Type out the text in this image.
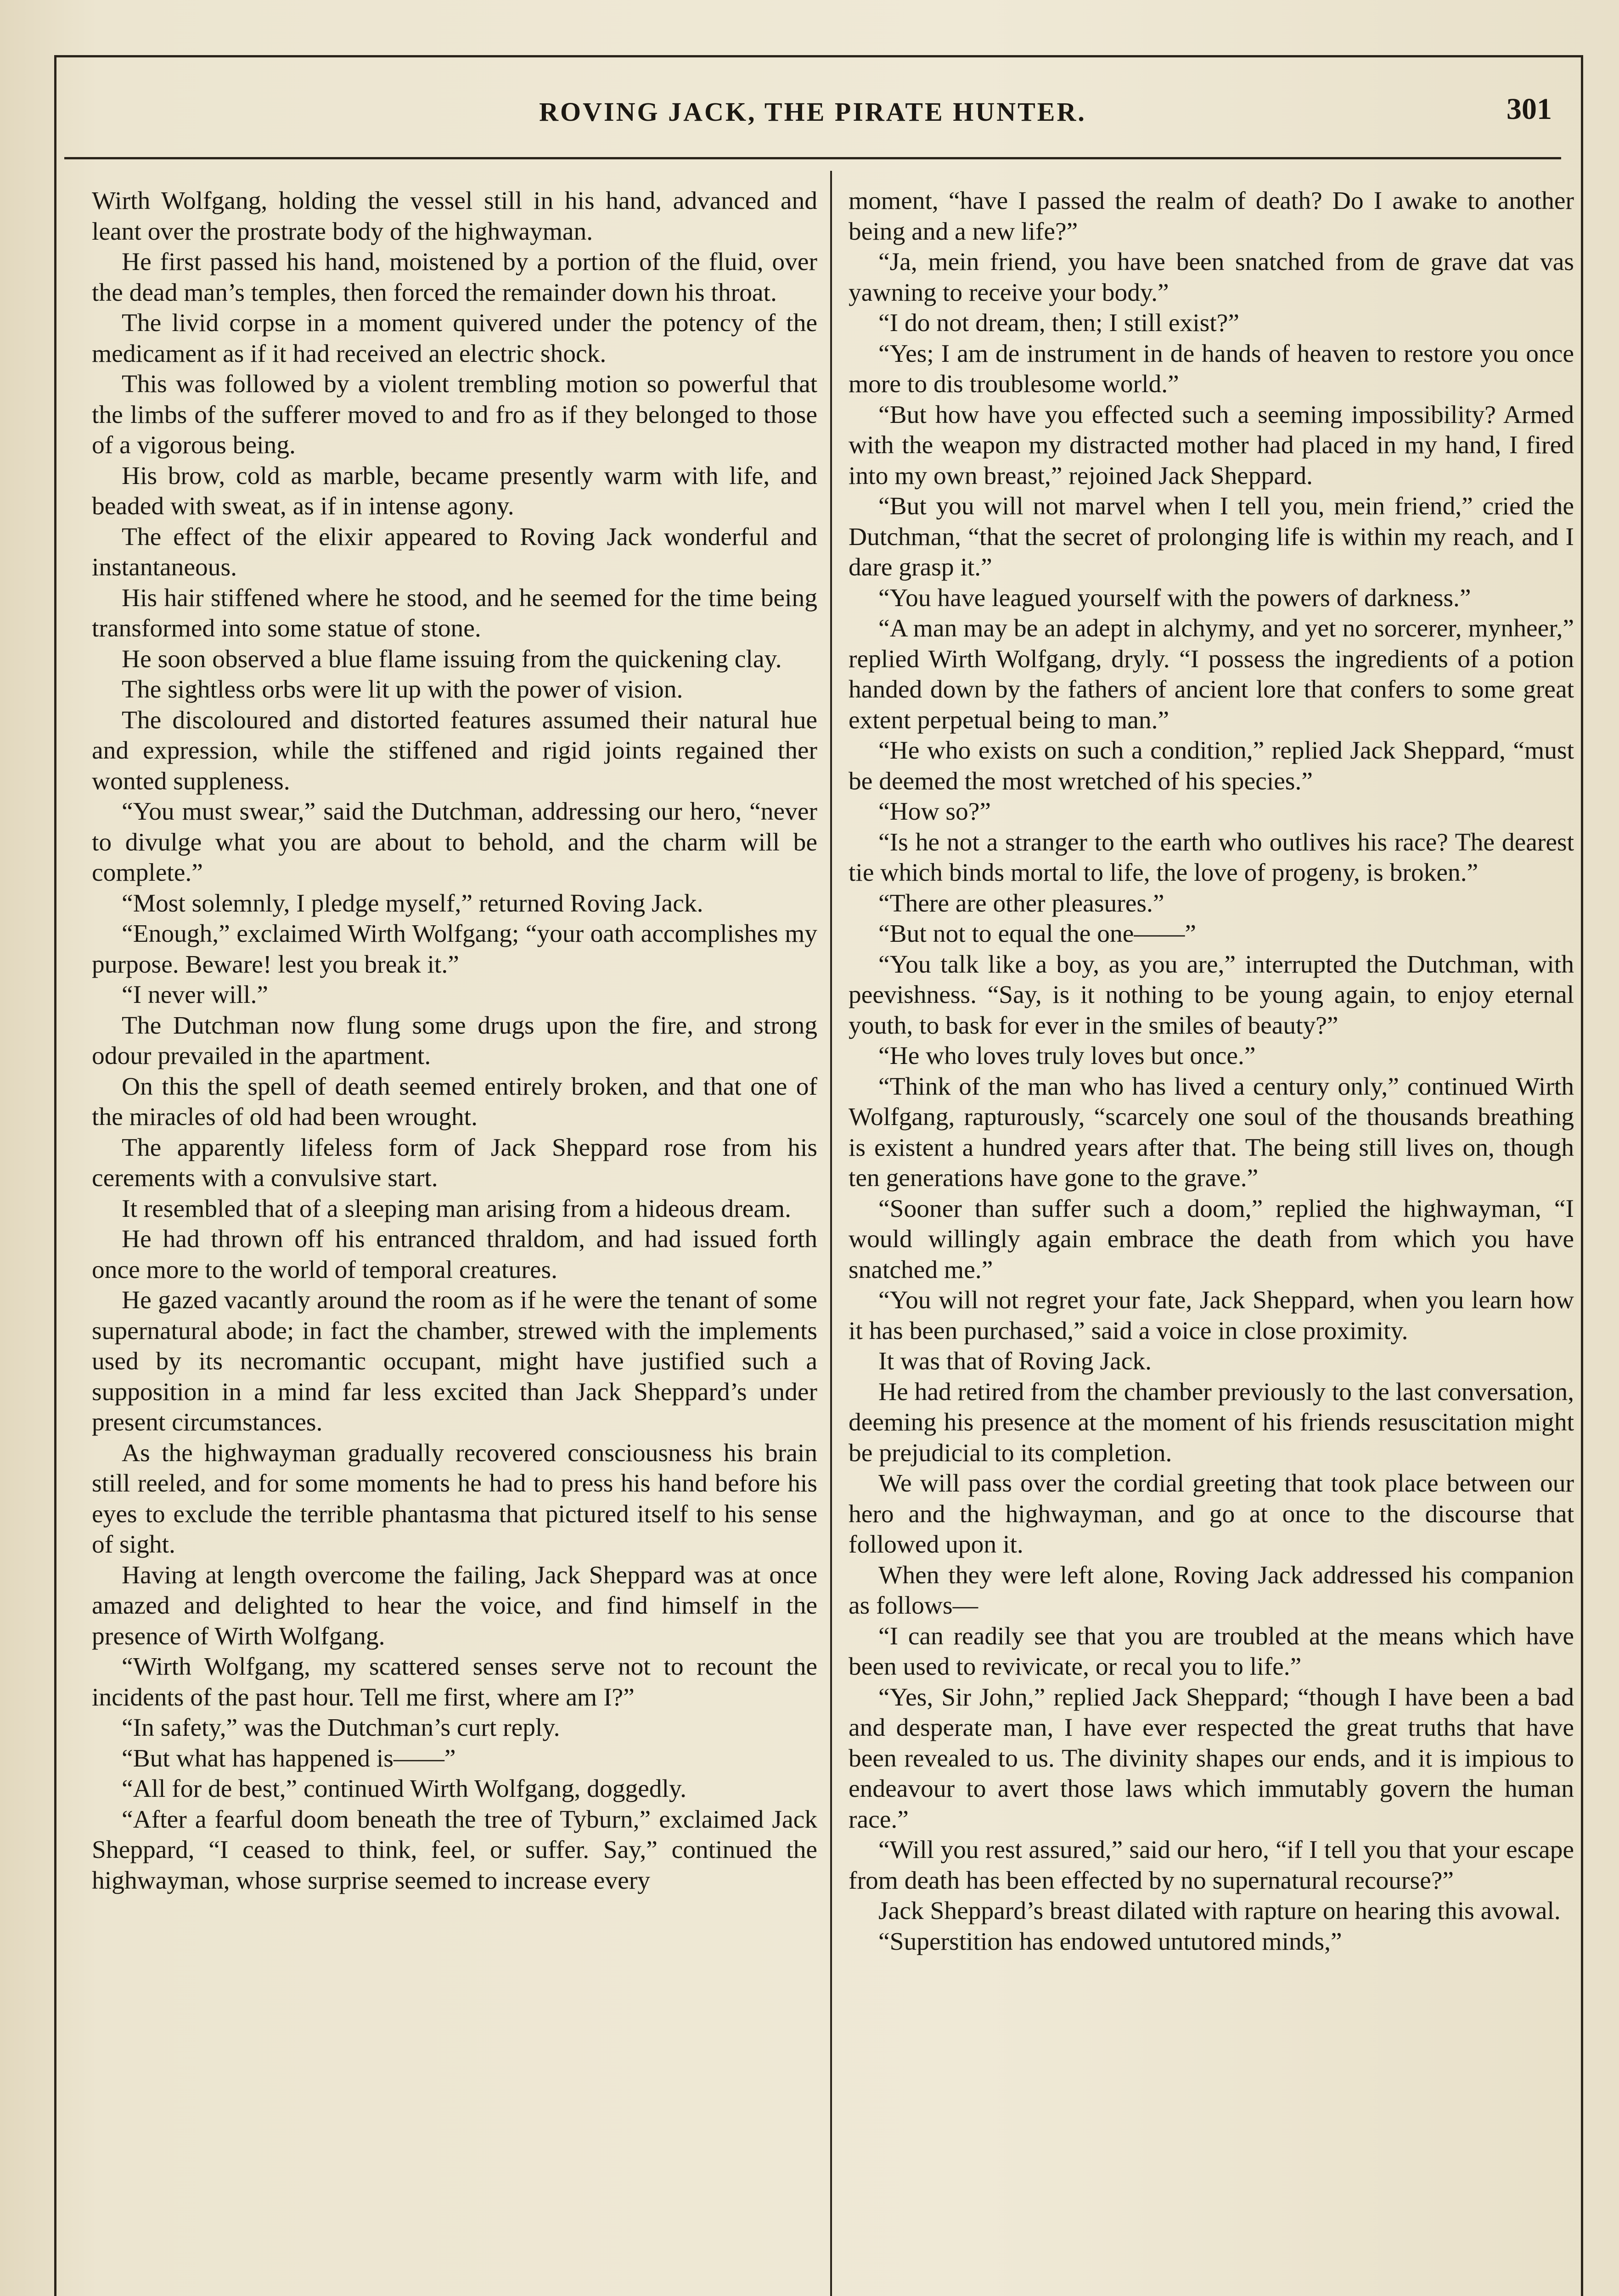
ROVING JACK, THE PIRATE HUNTER.	301

Wirth Wolfgang, holding the vessel still in his hand, advanced and leant over the prostrate body of the highwayman.

He first passed his hand, moistened by a portion of the fluid, over the dead man’s temples, then forced the remainder down his throat.

The livid corpse in a moment quivered under the potency of the medicament as if it had received an electric shock.

This was followed by a violent trembling motion so powerful that the limbs of the sufferer moved to and fro as if they belonged to those of a vigorous being.

His brow, cold as marble, became presently warm with life, and beaded with sweat, as if in intense agony.

The effect of the elixir appeared to Roving Jack wonderful and instantaneous.

His hair stiffened where he stood, and he seemed for the time being transformed into some statue of stone.

He soon observed a blue flame issuing from the quickening clay.

The sightless orbs were lit up with the power of vision.

The discoloured and distorted features assumed their natural hue and expression, while the stiffened and rigid joints regained ther wonted suppleness.

“You must swear,” said the Dutchman, addressing our hero, “never to divulge what you are about to behold, and the charm will be complete.”

“Most solemnly, I pledge myself,” returned Roving Jack.

“Enough,” exclaimed Wirth Wolfgang; “your oath accomplishes my purpose. Beware! lest you break it.”

“I never will.”

The Dutchman now flung some drugs upon the fire, and strong odour prevailed in the apartment.

On this the spell of death seemed entirely broken, and that one of the miracles of old had been wrought.

The apparently lifeless form of Jack Sheppard rose from his cerements with a convulsive start.

It resembled that of a sleeping man arising from a hideous dream.

He had thrown off his entranced thraldom, and had issued forth once more to the world of temporal creatures.

He gazed vacantly around the room as if he were the tenant of some supernatural abode; in fact the chamber, strewed with the implements used by its necromantic occupant, might have justified such a supposition in a mind far less excited than Jack Sheppard’s under present circumstances.

As the highwayman gradually recovered consciousness his brain still reeled, and for some moments he had to press his hand before his eyes to exclude the terrible phantasma that pictured itself to his sense of sight.

Having at length overcome the failing, Jack Sheppard was at once amazed and delighted to hear the voice, and find himself in the presence of Wirth Wolfgang.

“Wirth Wolfgang, my scattered senses serve not to recount the incidents of the past hour. Tell me first, where am I?”

“In safety,” was the Dutchman’s curt reply.

“But what has happened is——”

“All for de best,” continued Wirth Wolfgang, doggedly.

“After a fearful doom beneath the tree of Tyburn,” exclaimed Jack Sheppard, “I ceased to think, feel, or suffer. Say,” continued the highwayman, whose surprise seemed to increase every

moment, “have I passed the realm of death? Do I awake to another being and a new life?”

“Ja, mein friend, you have been snatched from de grave dat vas yawning to receive your body.”

“I do not dream, then; I still exist?”

“Yes; I am de instrument in de hands of heaven to restore you once more to dis troublesome world.”

“But how have you effected such a seeming impossibility? Armed with the weapon my distracted mother had placed in my hand, I fired into my own breast,” rejoined Jack Sheppard.

“But you will not marvel when I tell you, mein friend,” cried the Dutchman, “that the secret of prolonging life is within my reach, and I dare grasp it.”

“You have leagued yourself with the powers of darkness.”

“A man may be an adept in alchymy, and yet no sorcerer, mynheer,” replied Wirth Wolfgang, dryly. “I possess the ingredients of a potion handed down by the fathers of ancient lore that confers to some great extent perpetual being to man.”

“He who exists on such a condition,” replied Jack Sheppard, “must be deemed the most wretched of his species.”

“How so?”

“Is he not a stranger to the earth who outlives his race? The dearest tie which binds mortal to life, the love of progeny, is broken.”

“There are other pleasures.”

“But not to equal the one——”

“You talk like a boy, as you are,” interrupted the Dutchman, with peevishness. “Say, is it nothing to be young again, to enjoy eternal youth, to bask for ever in the smiles of beauty?”

“He who loves truly loves but once.”

“Think of the man who has lived a century only,” continued Wirth Wolfgang, rapturously, “scarcely one soul of the thousands breathing is existent a hundred years after that. The being still lives on, though ten generations have gone to the grave.”

“Sooner than suffer such a doom,” replied the highwayman, “I would willingly again embrace the death from which you have snatched me.”

“You will not regret your fate, Jack Sheppard, when you learn how it has been purchased,” said a voice in close proximity.

It was that of Roving Jack.

He had retired from the chamber previously to the last conversation, deeming his presence at the moment of his friends resuscitation might be prejudicial to its completion.

We will pass over the cordial greeting that took place between our hero and the highwayman, and go at once to the discourse that followed upon it.

When they were left alone, Roving Jack addressed his companion as follows—

“I can readily see that you are troubled at the means which have been used to revivicate, or recal you to life.”

“Yes, Sir John,” replied Jack Sheppard; “though I have been a bad and desperate man, I have ever respected the great truths that have been revealed to us. The divinity shapes our ends, and it is impious to endeavour to avert those laws which immutably govern the human race.”

“Will you rest assured,” said our hero, “if I tell you that your escape from death has been effected by no supernatural recourse?”

Jack Sheppard’s breast dilated with rapture on hearing this avowal.

“Superstition has endowed untutored minds,”
